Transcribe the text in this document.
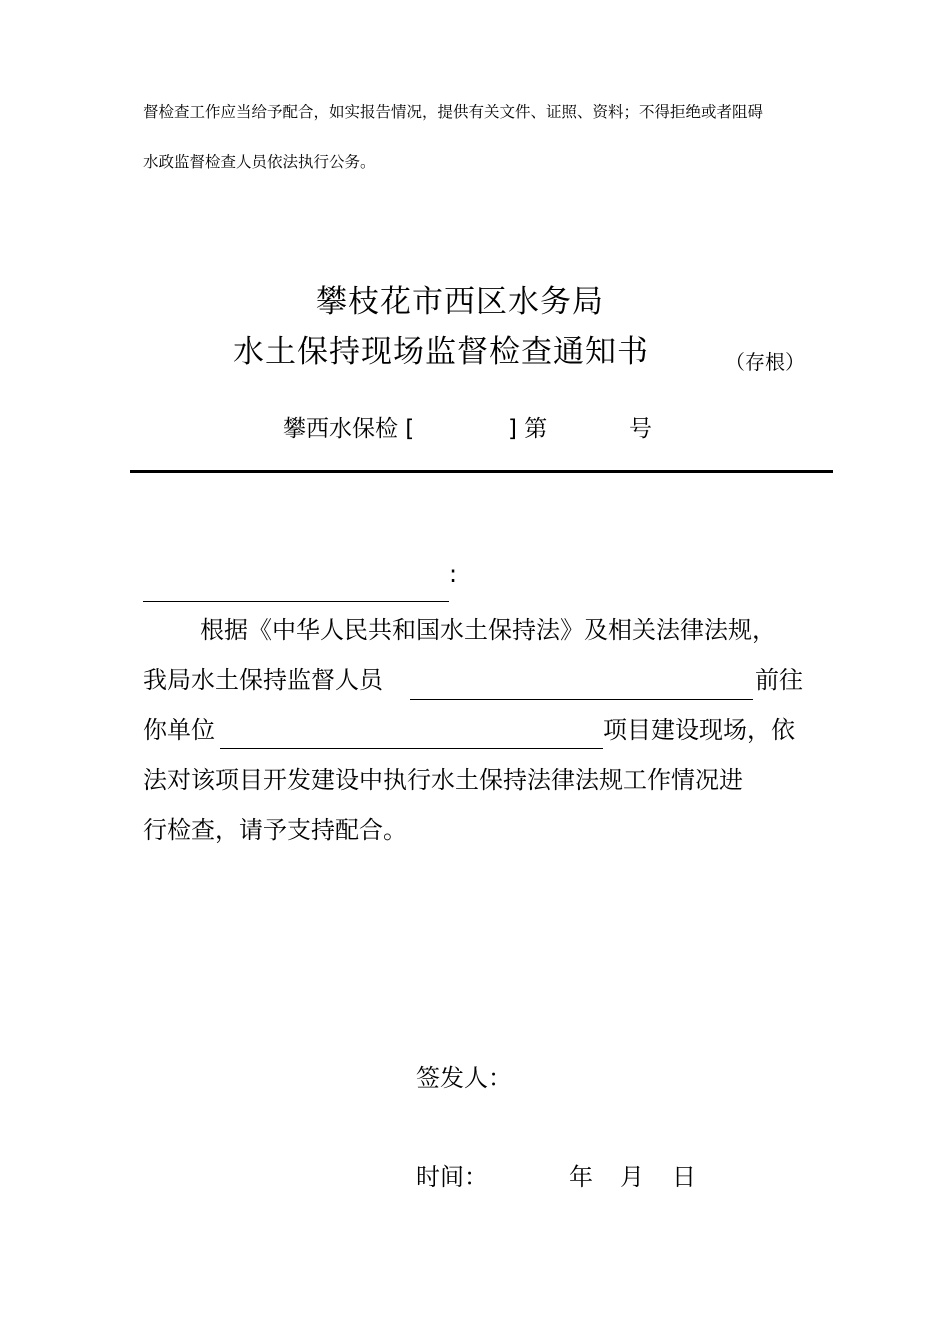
督检查工作应当给予配合，如实报告情况，提供有关文件、证照、资料；不得拒绝或者阻碍
水政监督检查人员依法执行公务。
攀枝花市西区水务局
水土保持现场监督检查通知书	（存根）
攀西水保检 [	] 第	号
:
根据《中华人民共和国水土保持法》及相关法律法规，
我局水土保持监督人员	前往
你单位	项目建设现场，依
法对该项目开发建设中执行水土保持法律法规工作情况进
行检查，请予支持配合。
签发人：
时间：	年 月 日
